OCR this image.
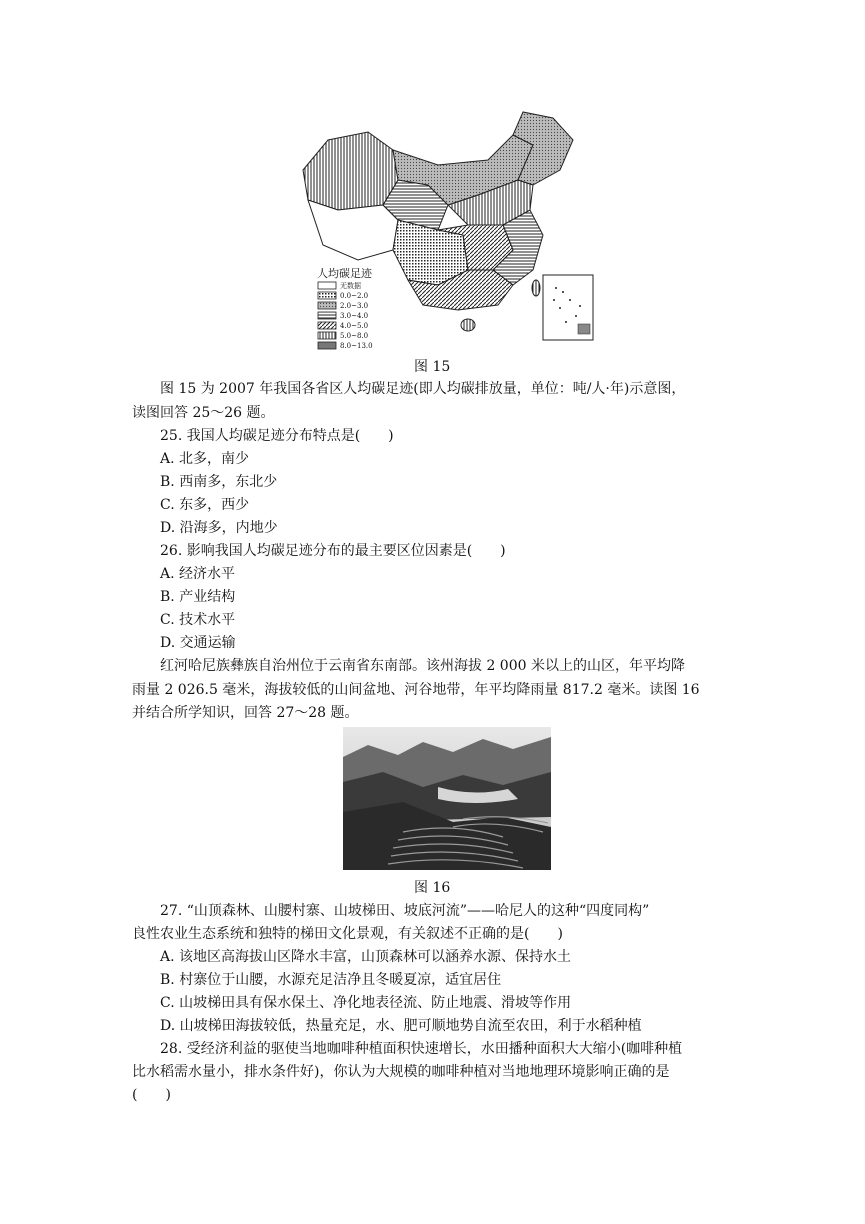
人均碳足迹
无数据
0.0~2.0
2.0~3.0
3.0~4.0
4.0~5.0
5.0~8.0
8.0~13.0
图 15
图 15 为 2007 年我国各省区人均碳足迹(即人均碳排放量，单位：吨/人·年)示意图，
读图回答 25～26 题。
25. 我国人均碳足迹分布特点是(　　)
A. 北多，南少
B. 西南多，东北少
C. 东多，西少
D. 沿海多，内地少
26. 影响我国人均碳足迹分布的最主要区位因素是(　　)
A. 经济水平
B. 产业结构
C. 技术水平
D. 交通运输
红河哈尼族彝族自治州位于云南省东南部。该州海拔 2 000 米以上的山区，年平均降
雨量 2 026.5 毫米，海拔较低的山间盆地、河谷地带，年平均降雨量 817.2 毫米。读图 16
并结合所学知识，回答 27～28 题。
图 16
27. “山顶森林、山腰村寨、山坡梯田、坡底河流”——哈尼人的这种“四度同构”
良性农业生态系统和独特的梯田文化景观，有关叙述不正确的是(　　)
A. 该地区高海拔山区降水丰富，山顶森林可以涵养水源、保持水土
B. 村寨位于山腰，水源充足洁净且冬暖夏凉，适宜居住
C. 山坡梯田具有保水保土、净化地表径流、防止地震、滑坡等作用
D. 山坡梯田海拔较低，热量充足，水、肥可顺地势自流至农田，利于水稻种植
28. 受经济利益的驱使当地咖啡种植面积快速增长，水田播种面积大大缩小(咖啡种植
比水稻需水量小，排水条件好)，你认为大规模的咖啡种植对当地地理环境影响正确的是
(　　)
